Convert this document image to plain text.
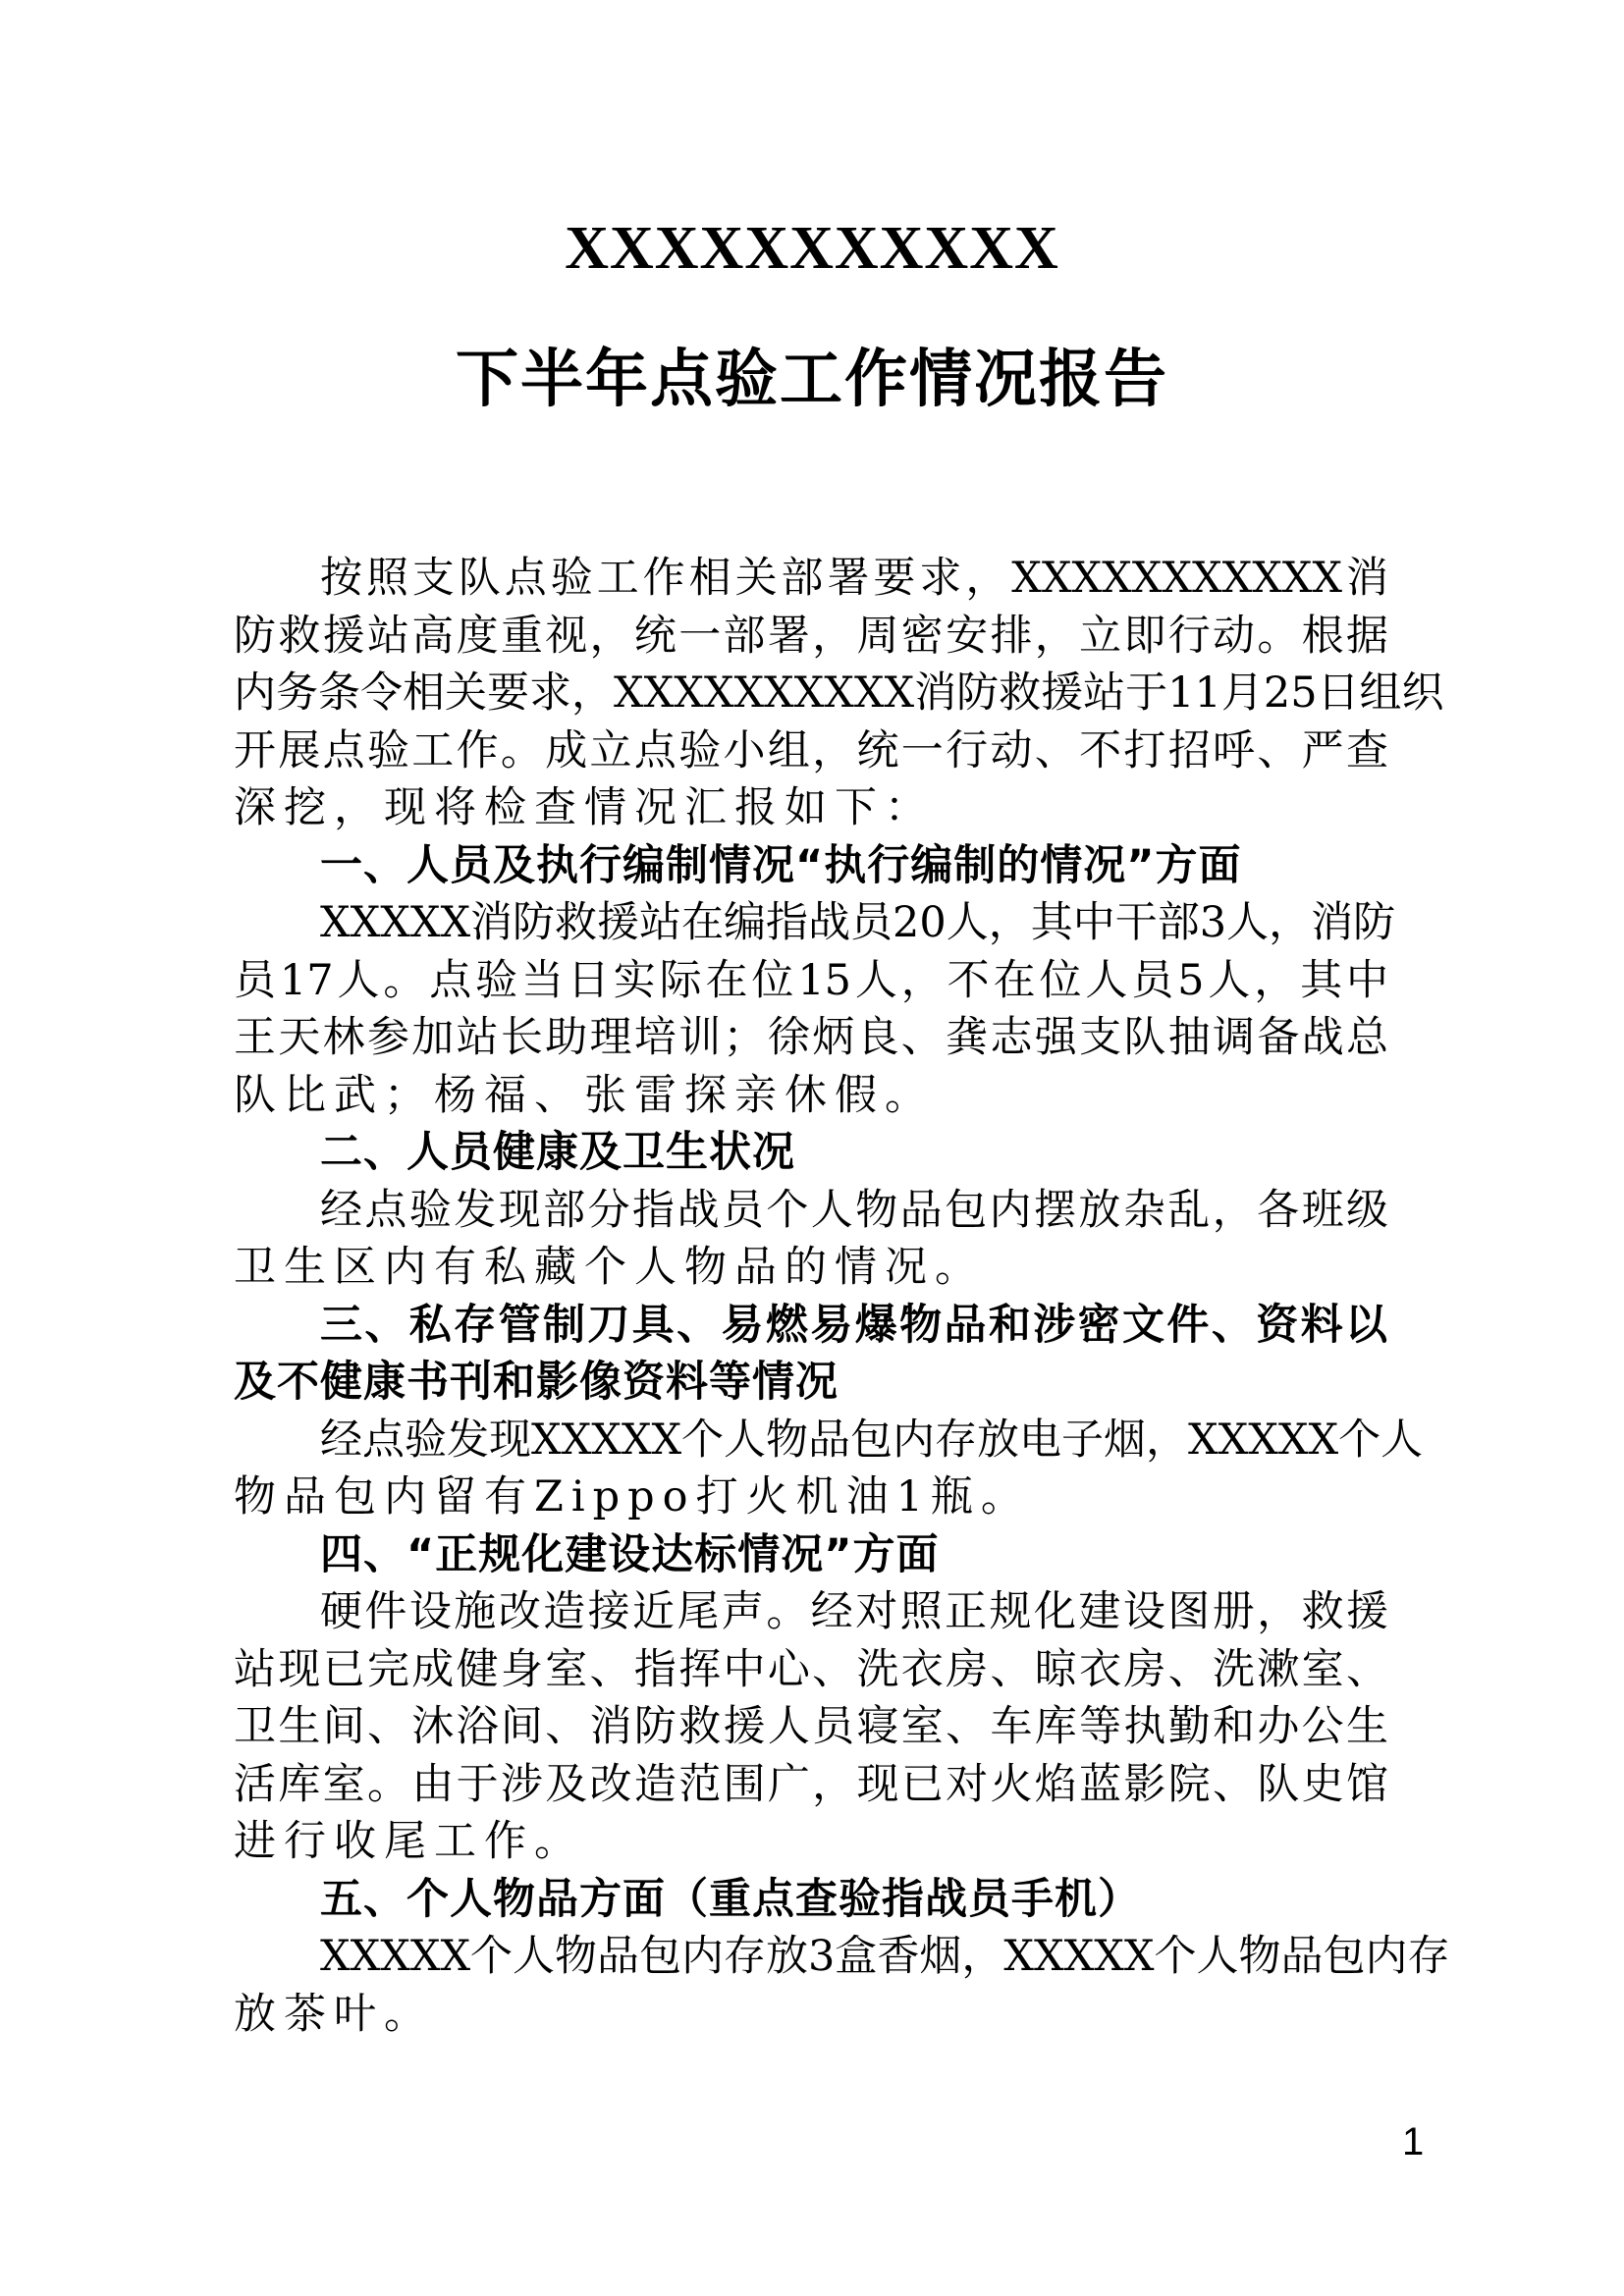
XXXXXXXXXXX
下半年点验工作情况报告
按照支队点验工作相关部署要求，XXXXXXXXXXX消
防救援站高度重视，统一部署，周密安排，立即行动。根据
内务条令相关要求，XXXXXXXXXX消防救援站于11月25日组织
开展点验工作。成立点验小组，统一行动、不打招呼、严查
深挖，现将检查情况汇报如下：
一、人员及执行编制情况“执行编制的情况”方面
XXXXX消防救援站在编指战员20人，其中干部3人，消防
员17人。点验当日实际在位15人，不在位人员5人，其中
王天林参加站长助理培训；徐炳良、龚志强支队抽调备战总
队比武；杨福、张雷探亲休假。
二、人员健康及卫生状况
经点验发现部分指战员个人物品包内摆放杂乱，各班级
卫生区内有私藏个人物品的情况。
三、私存管制刀具、易燃易爆物品和涉密文件、资料以
及不健康书刊和影像资料等情况
经点验发现XXXXX个人物品包内存放电子烟，XXXXX个人
物品包内留有Zippo打火机油1瓶。
四、“正规化建设达标情况”方面
硬件设施改造接近尾声。经对照正规化建设图册，救援
站现已完成健身室、指挥中心、洗衣房、晾衣房、洗漱室、
卫生间、沐浴间、消防救援人员寝室、车库等执勤和办公生
活库室。由于涉及改造范围广，现已对火焰蓝影院、队史馆
进行收尾工作。
五、个人物品方面（重点查验指战员手机）
XXXXX个人物品包内存放3盒香烟，XXXXX个人物品包内存
放茶叶。
1
